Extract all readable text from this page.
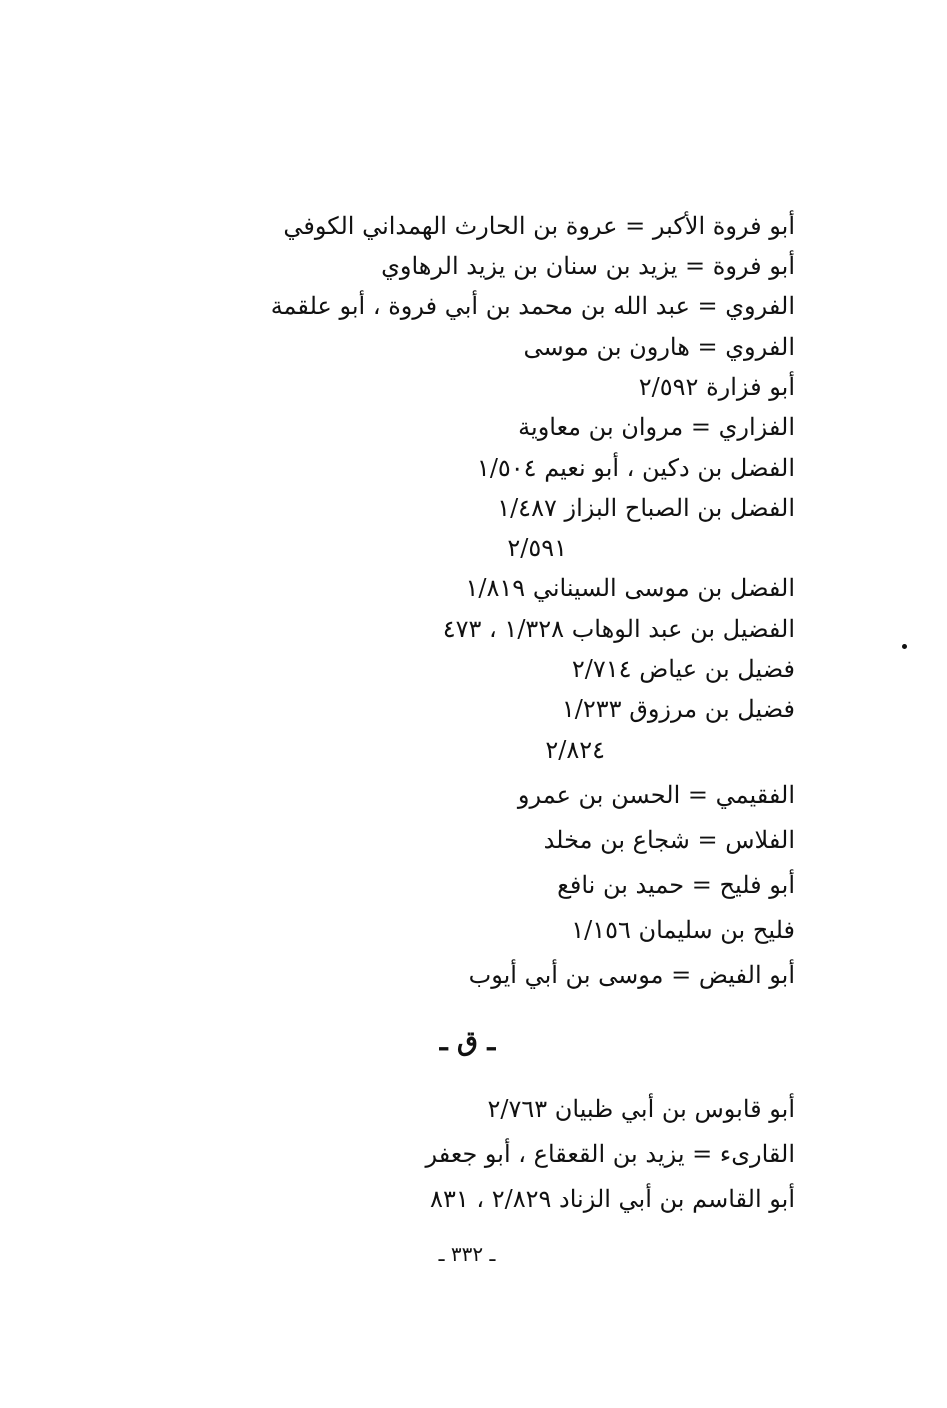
أبو فروة الأكبر = عروة بن الحارث الهمداني الكوفي
أبو فروة = يزيد بن سنان بن يزيد الرهاوي
الفروي = عبد الله بن محمد بن أبي فروة ، أبو علقمة
الفروي = هارون بن موسى
أبو فزارة ٢/٥٩٢
الفزاري = مروان بن معاوية
الفضل بن دكين ، أبو نعيم ١/٥٠٤
الفضل بن الصباح البزاز ١/٤٨٧
٢/٥٩١
الفضل بن موسى السيناني ١/٨١٩
الفضيل بن عبد الوهاب ١/٣٢٨ ، ٤٧٣
فضيل بن عياض ٢/٧١٤
فضيل بن مرزوق ١/٢٣٣
٢/٨٢٤
الفقيمي = الحسن بن عمرو
الفلاس = شجاع بن مخلد
أبو فليح = حميد بن نافع
فليح بن سليمان ١/١٥٦
أبو الفيض = موسى بن أبي أيوب
ـ ق ـ
أبو قابوس بن أبي ظبيان ٢/٧٦٣
القارىء = يزيد بن القعقاع ، أبو جعفر
أبو القاسم بن أبي الزناد ٢/٨٢٩ ، ٨٣١
ـ ٣٣٢ ـ
